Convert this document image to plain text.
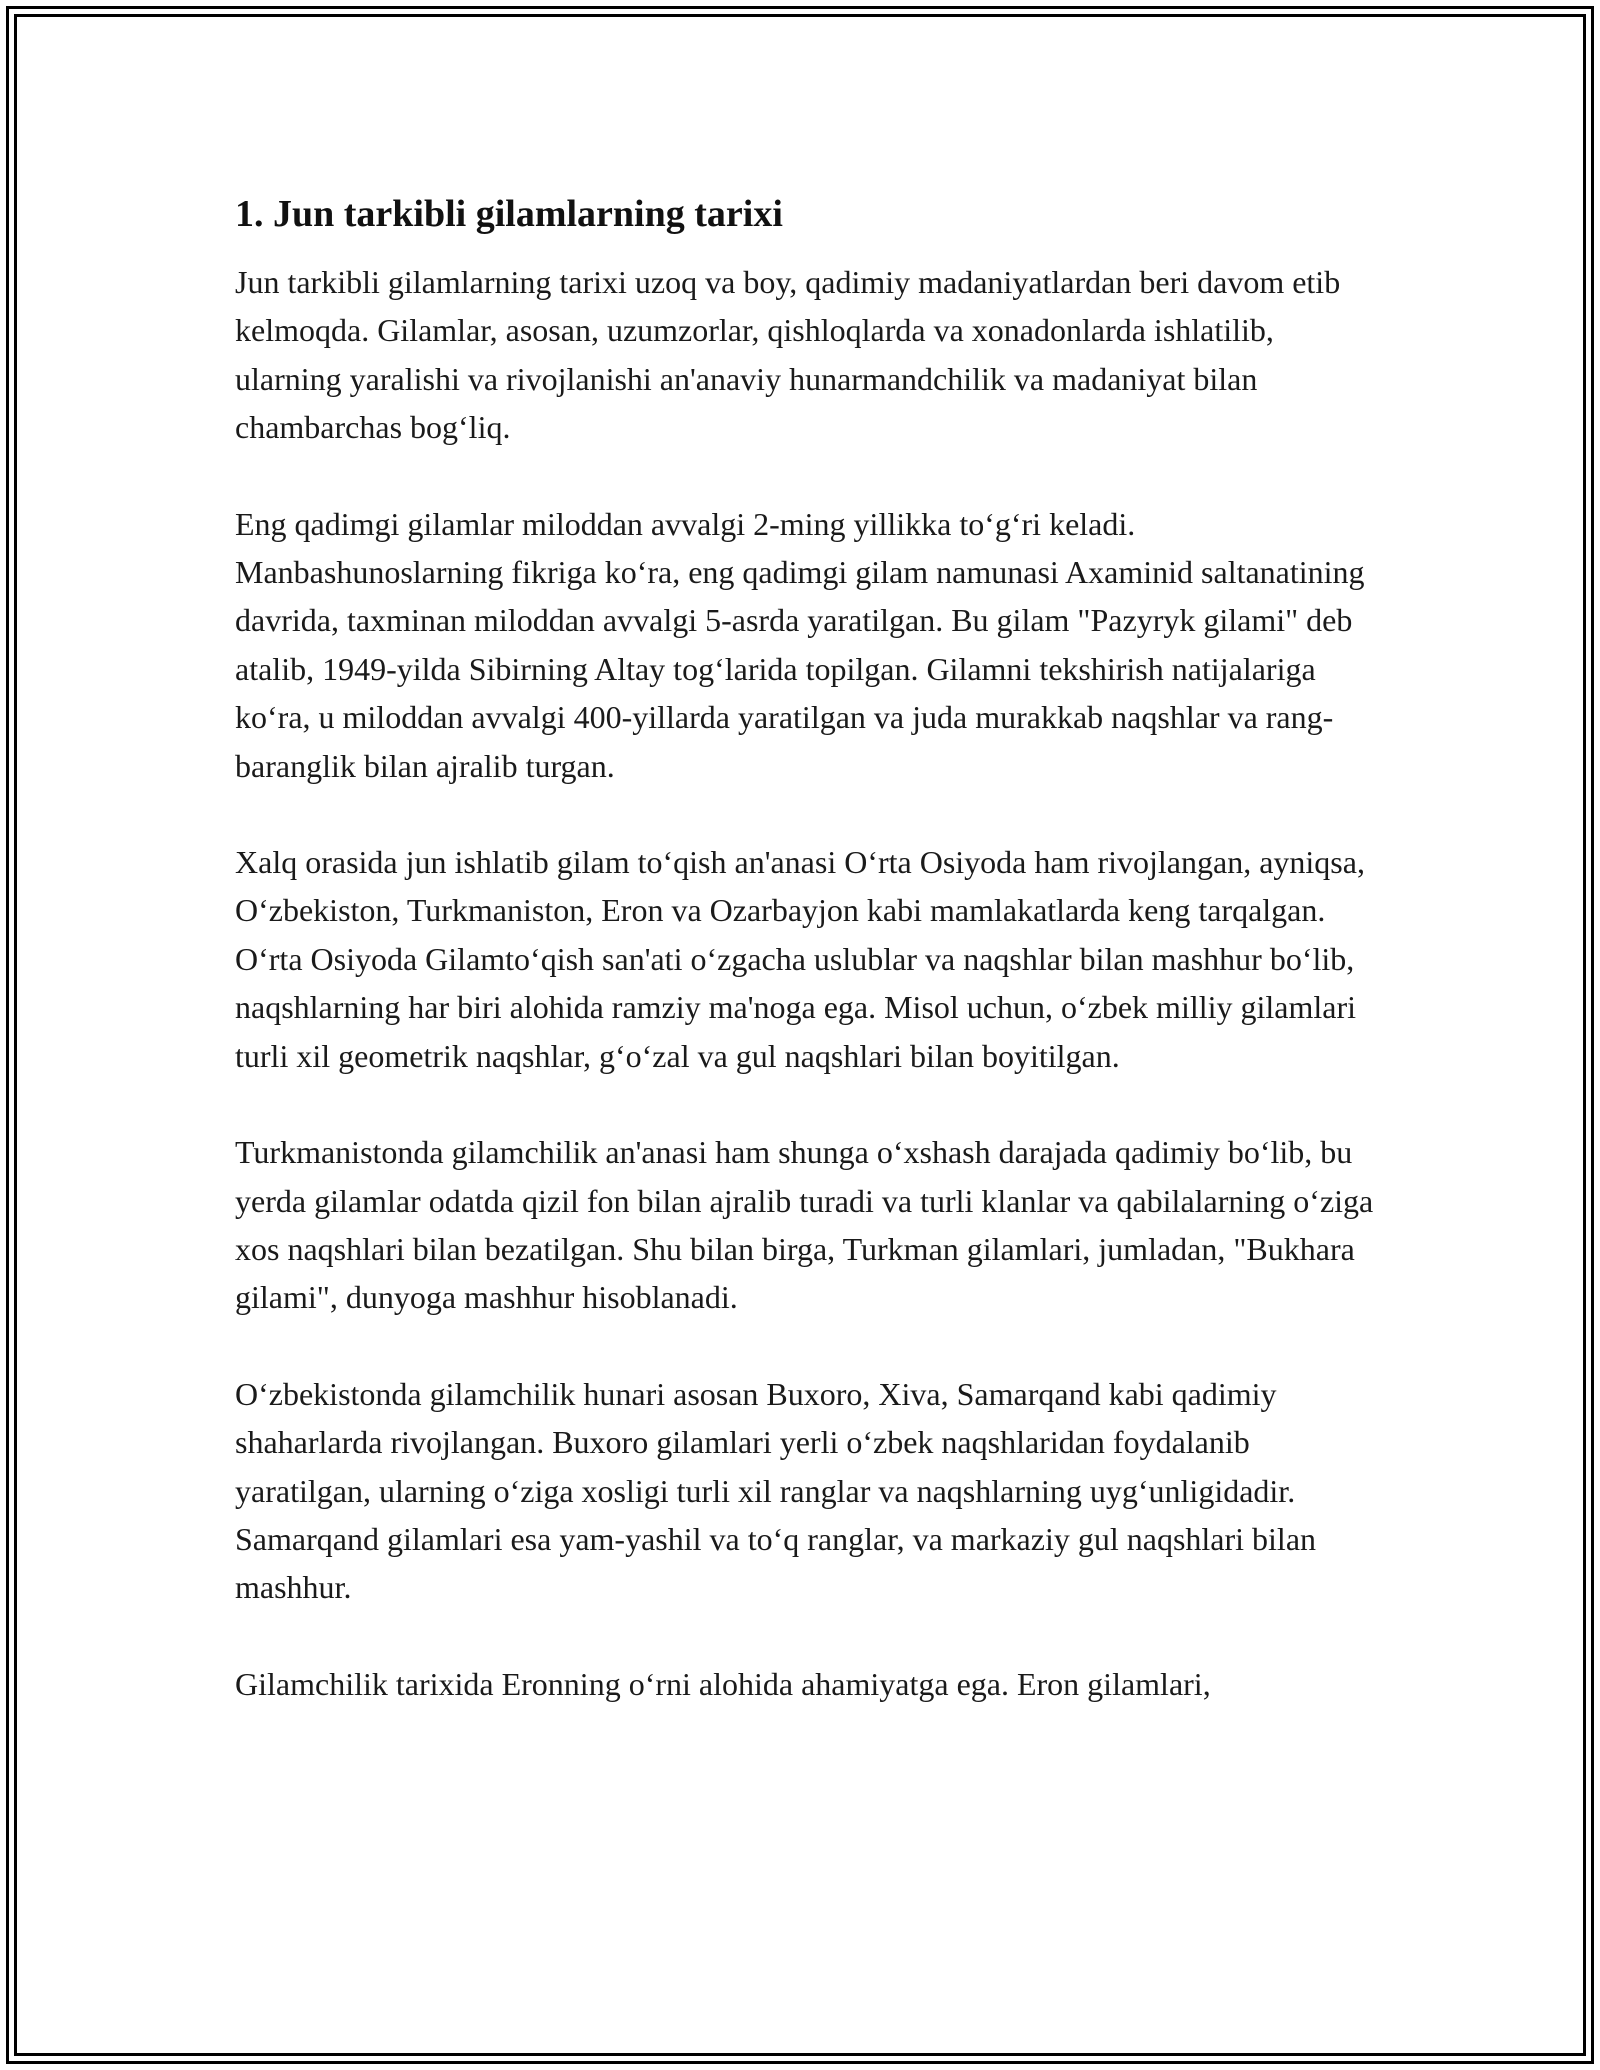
1. Jun tarkibli gilamlarning tarixi

Jun tarkibli gilamlarning tarixi uzoq va boy, qadimiy madaniyatlardan beri davom etib kelmoqda. Gilamlar, asosan, uzumzorlar, qishloqlarda va xonadonlarda ishlatilib, ularning yaralishi va rivojlanishi an'anaviy hunarmandchilik va madaniyat bilan chambarchas bog‘liq.

Eng qadimgi gilamlar miloddan avvalgi 2-ming yillikka to‘g‘ri keladi. Manbashunoslarning fikriga ko‘ra, eng qadimgi gilam namunasi Axaminid saltanatining davrida, taxminan miloddan avvalgi 5-asrda yaratilgan. Bu gilam "Pazyryk gilami" deb atalib, 1949-yilda Sibirning Altay tog‘larida topilgan. Gilamni tekshirish natijalariga ko‘ra, u miloddan avvalgi 400-yillarda yaratilgan va juda murakkab naqshlar va rang-baranglik bilan ajralib turgan.

Xalq orasida jun ishlatib gilam to‘qish an'anasi O‘rta Osiyoda ham rivojlangan, ayniqsa, O‘zbekiston, Turkmaniston, Eron va Ozarbayjon kabi mamlakatlarda keng tarqalgan. O‘rta Osiyoda Gilamto‘qish san'ati o‘zgacha uslublar va naqshlar bilan mashhur bo‘lib, naqshlarning har biri alohida ramziy ma'noga ega. Misol uchun, o‘zbek milliy gilamlari turli xil geometrik naqshlar, g‘o‘zal va gul naqshlari bilan boyitilgan.

Turkmanistonda gilamchilik an'anasi ham shunga o‘xshash darajada qadimiy bo‘lib, bu yerda gilamlar odatda qizil fon bilan ajralib turadi va turli klanlar va qabilalarning o‘ziga xos naqshlari bilan bezatilgan. Shu bilan birga, Turkman gilamlari, jumladan, "Bukhara gilami", dunyoga mashhur hisoblanadi.

O‘zbekistonda gilamchilik hunari asosan Buxoro, Xiva, Samarqand kabi qadimiy shaharlarda rivojlangan. Buxoro gilamlari yerli o‘zbek naqshlaridan foydalanib yaratilgan, ularning o‘ziga xosligi turli xil ranglar va naqshlarning uyg‘unligidadir. Samarqand gilamlari esa yam-yashil va to‘q ranglar, va markaziy gul naqshlari bilan mashhur.

Gilamchilik tarixida Eronning o‘rni alohida ahamiyatga ega. Eron gilamlari,
